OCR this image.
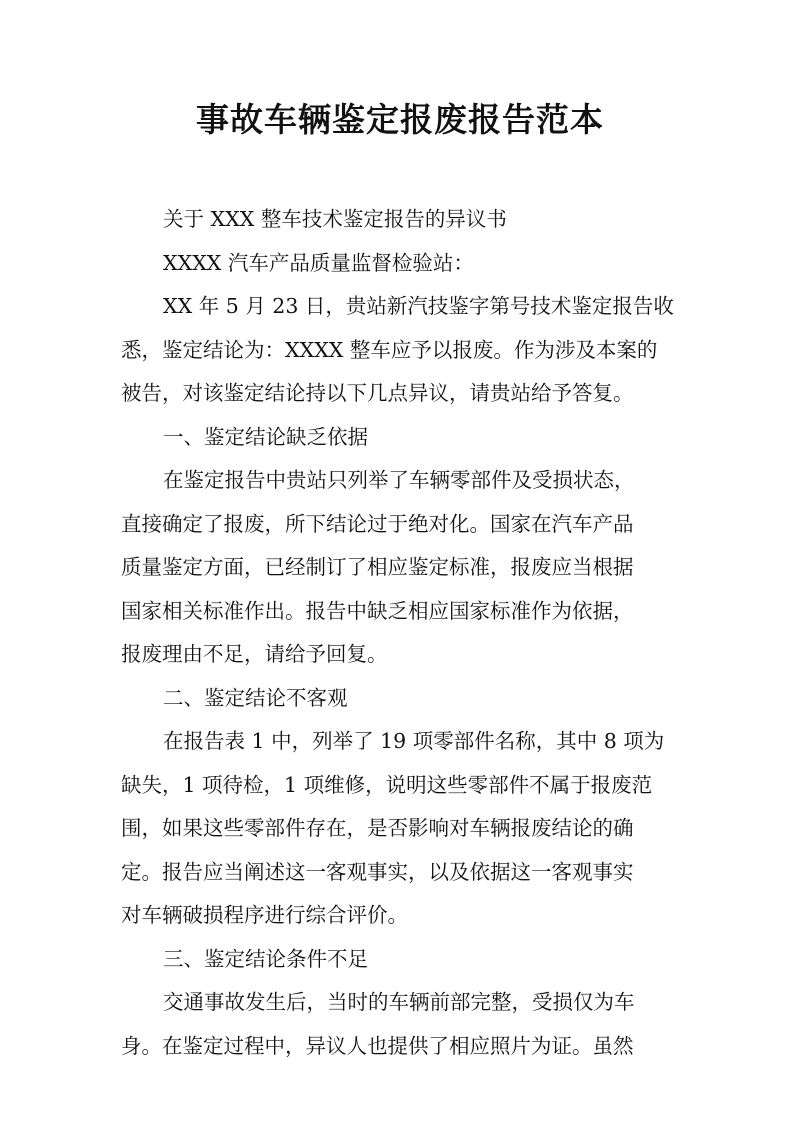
事故车辆鉴定报废报告范本
关于 XXX 整车技术鉴定报告的异议书
XXXX 汽车产品质量监督检验站：
XX 年 5 月 23 日，贵站新汽技鉴字第号技术鉴定报告收
悉，鉴定结论为：XXXX 整车应予以报废。作为涉及本案的
被告，对该鉴定结论持以下几点异议，请贵站给予答复。
一、鉴定结论缺乏依据
在鉴定报告中贵站只列举了车辆零部件及受损状态，
直接确定了报废，所下结论过于绝对化。国家在汽车产品
质量鉴定方面，已经制订了相应鉴定标准，报废应当根据
国家相关标准作出。报告中缺乏相应国家标准作为依据，
报废理由不足，请给予回复。
二、鉴定结论不客观
在报告表 1 中，列举了 19 项零部件名称，其中 8 项为
缺失，1 项待检，1 项维修，说明这些零部件不属于报废范
围，如果这些零部件存在，是否影响对车辆报废结论的确
定。报告应当阐述这一客观事实，以及依据这一客观事实
对车辆破损程序进行综合评价。
三、鉴定结论条件不足
交通事故发生后，当时的车辆前部完整，受损仅为车
身。在鉴定过程中，异议人也提供了相应照片为证。虽然
